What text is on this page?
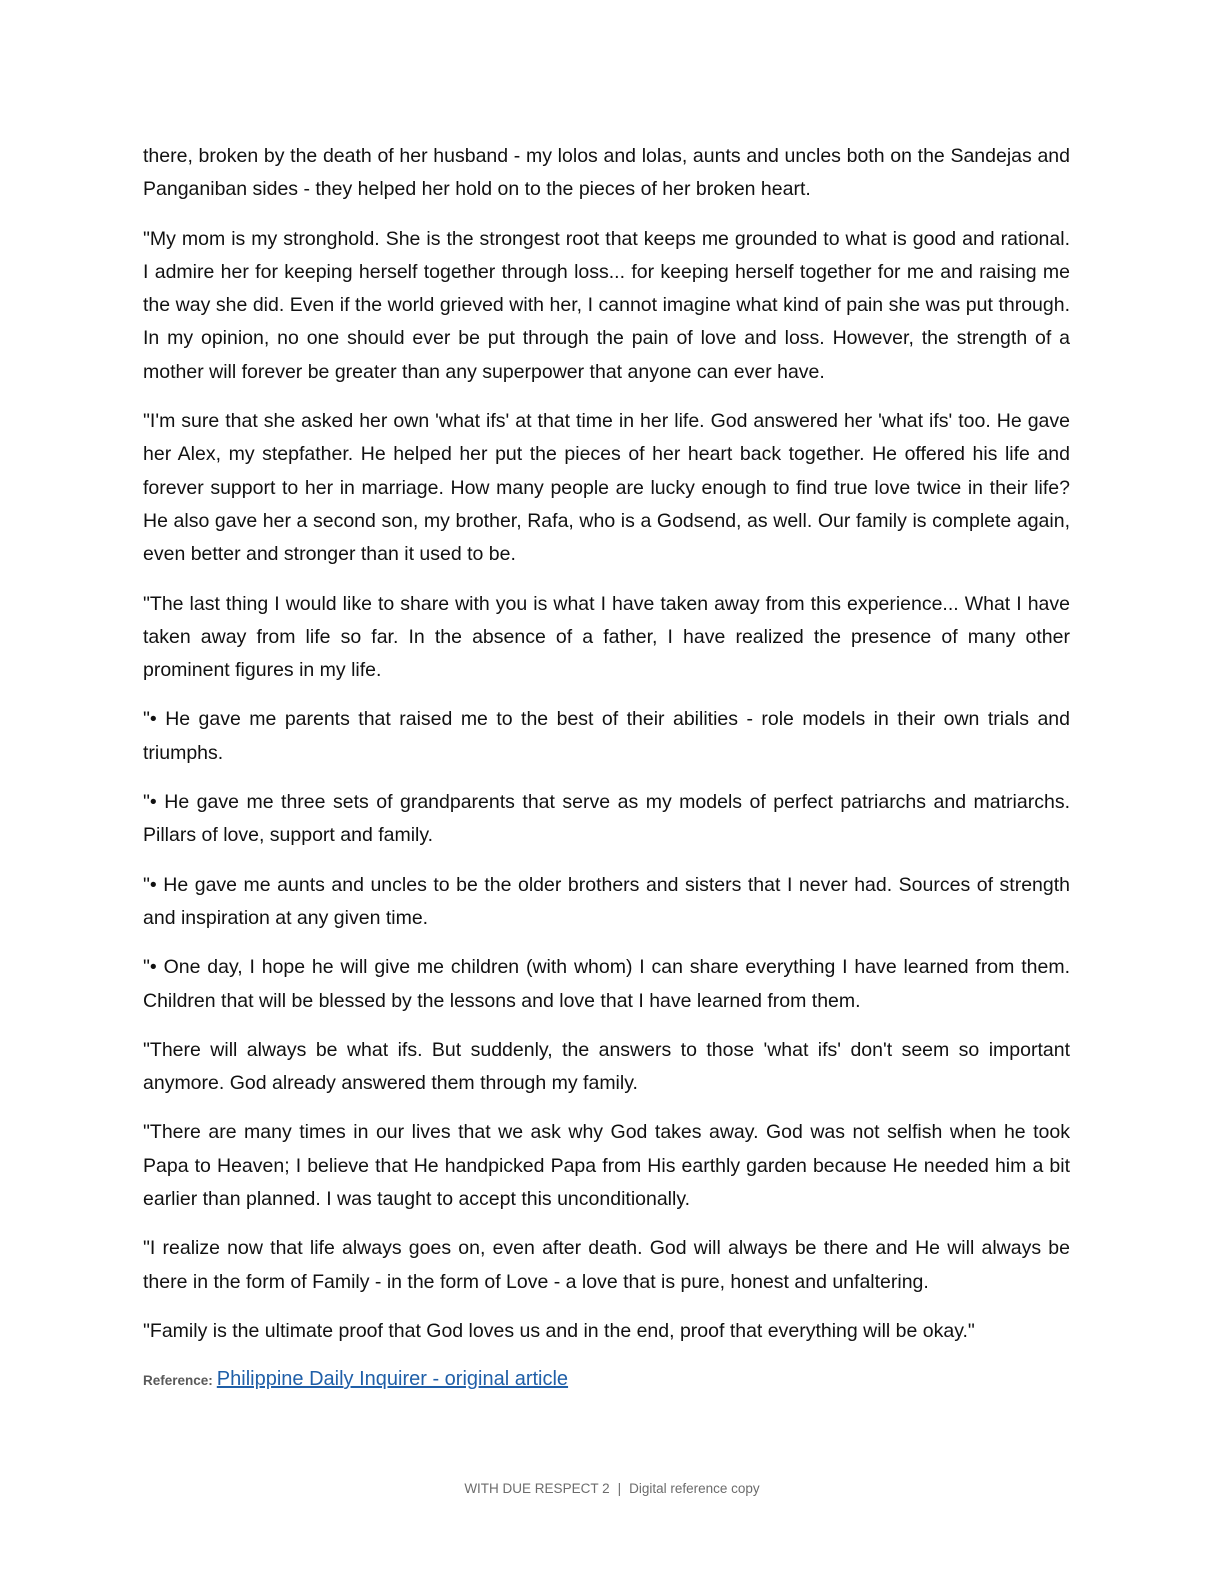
there, broken by the death of her husband - my lolos and lolas, aunts and uncles both on the Sandejas and Panganiban sides - they helped her hold on to the pieces of her broken heart.

"My mom is my stronghold. She is the strongest root that keeps me grounded to what is good and rational. I admire her for keeping herself together through loss... for keeping herself together for me and raising me the way she did. Even if the world grieved with her, I cannot imagine what kind of pain she was put through. In my opinion, no one should ever be put through the pain of love and loss. However, the strength of a mother will forever be greater than any superpower that anyone can ever have.

"I'm sure that she asked her own 'what ifs' at that time in her life. God answered her 'what ifs' too. He gave her Alex, my stepfather. He helped her put the pieces of her heart back together. He offered his life and forever support to her in marriage. How many people are lucky enough to find true love twice in their life? He also gave her a second son, my brother, Rafa, who is a Godsend, as well. Our family is complete again, even better and stronger than it used to be.

"The last thing I would like to share with you is what I have taken away from this experience... What I have taken away from life so far. In the absence of a father, I have realized the presence of many other prominent figures in my life.

"• He gave me parents that raised me to the best of their abilities - role models in their own trials and triumphs.

"• He gave me three sets of grandparents that serve as my models of perfect patriarchs and matriarchs. Pillars of love, support and family.

"• He gave me aunts and uncles to be the older brothers and sisters that I never had. Sources of strength and inspiration at any given time.

"• One day, I hope he will give me children (with whom) I can share everything I have learned from them. Children that will be blessed by the lessons and love that I have learned from them.

"There will always be what ifs. But suddenly, the answers to those 'what ifs' don't seem so important anymore. God already answered them through my family.

"There are many times in our lives that we ask why God takes away. God was not selfish when he took Papa to Heaven; I believe that He handpicked Papa from His earthly garden because He needed him a bit earlier than planned. I was taught to accept this unconditionally.

"I realize now that life always goes on, even after death. God will always be there and He will always be there in the form of Family - in the form of Love - a love that is pure, honest and unfaltering.

"Family is the ultimate proof that God loves us and in the end, proof that everything will be okay."

Reference: Philippine Daily Inquirer - original article
WITH DUE RESPECT 2 | Digital reference copy
